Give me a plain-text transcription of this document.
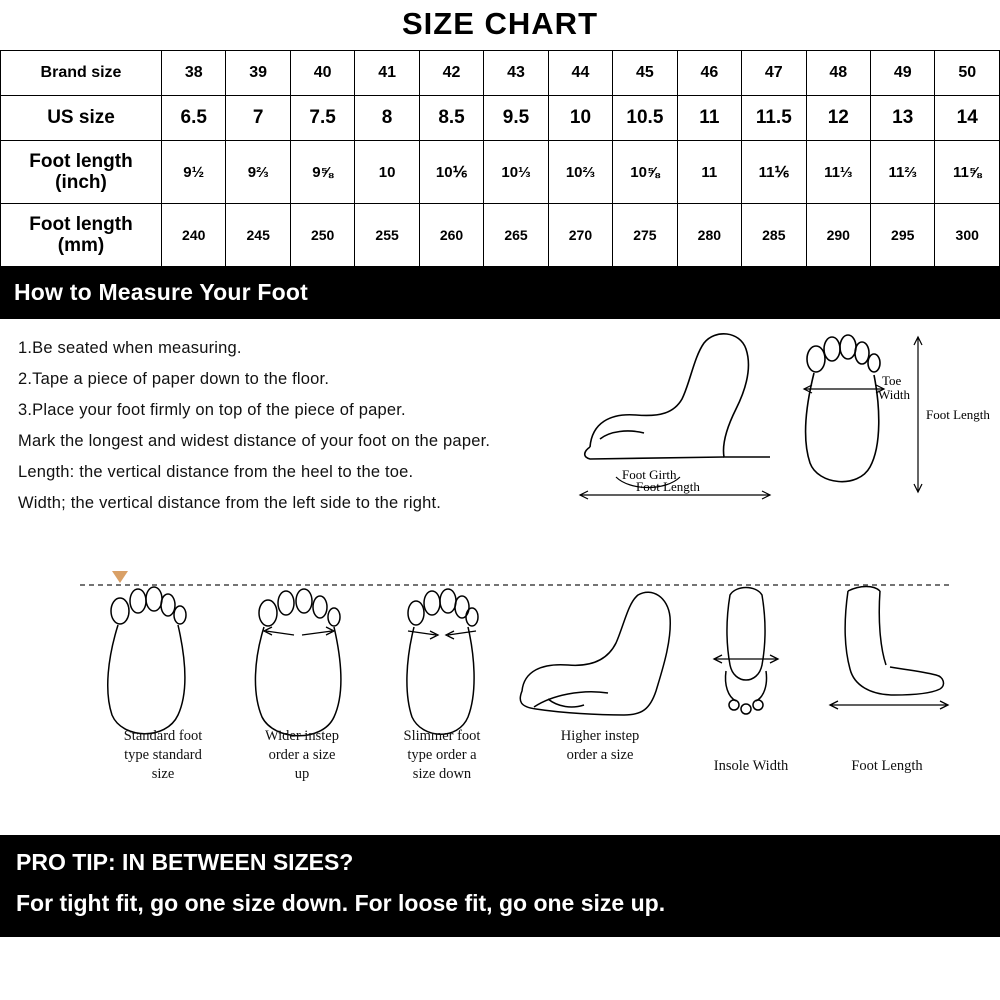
SIZE CHART
Brand size	38	39	40	41	42	43	44	45	46	47	48	49	50
US size	6.5	7	7.5	8	8.5	9.5	10	10.5	11	11.5	12	13	14
Foot length
(inch)	9½	9⅔	9⅝	10	10⅙	10⅓	10⅔	10⅝	11	11⅙	11⅓	11⅔	11⅝
Foot length
(mm)	240	245	250	255	260	265	270	275	280	285	290	295	300
How to Measure Your Foot
1.Be seated when measuring.
2.Tape a piece of paper down to the floor.
3.Place your foot firmly on top of the piece of paper.
Mark the longest and widest distance of your foot on the paper.
Length: the vertical distance from the heel to the toe.
Width; the vertical distance from the left side to the right.
Foot Girth
Foot Length
Toe
Width
Foot Length
Standard foot
type standard
size
Wider instep
order a size
up
Slimmer foot
type order a
size down
Higher instep
order a size
Insole Width	Foot Length
PRO TIP: IN BETWEEN SIZES?
For tight fit, go one size down. For loose fit, go one size up.
